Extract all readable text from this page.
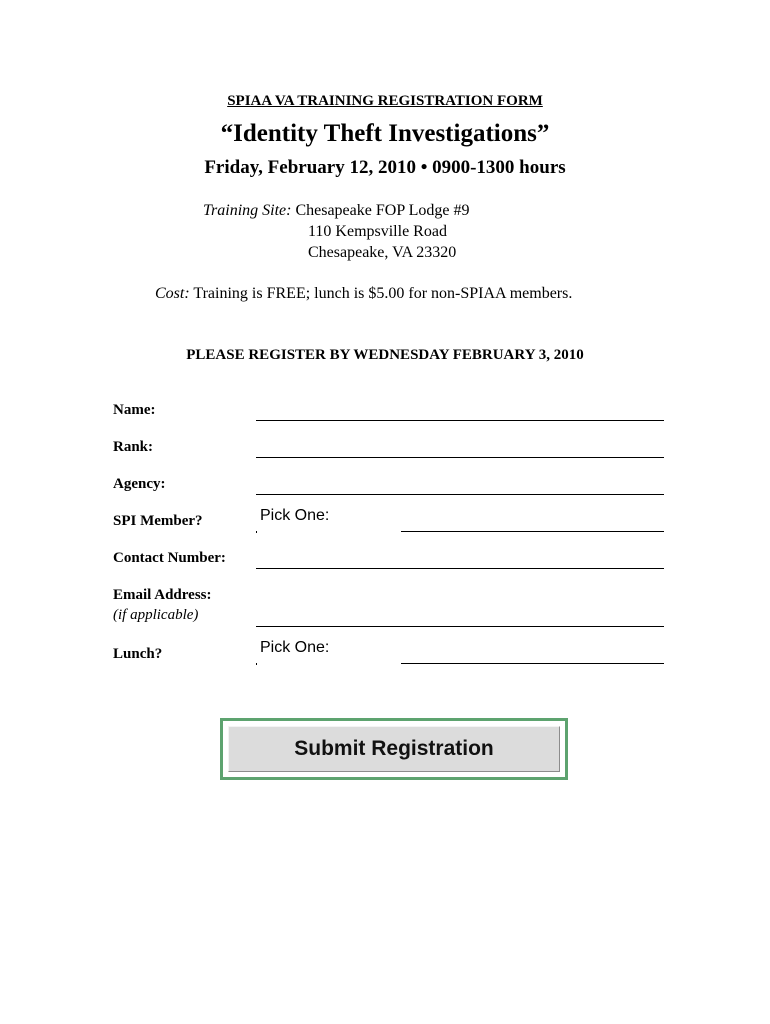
SPIAA VA TRAINING REGISTRATION FORM
“Identity Theft Investigations”
Friday, February 12, 2010 • 0900-1300 hours
Training Site: Chesapeake FOP Lodge #9
110 Kempsville Road
Chesapeake, VA 23320
Cost: Training is FREE; lunch is $5.00 for non-SPIAA members.
PLEASE REGISTER BY WEDNESDAY FEBRUARY 3, 2010
Name:
Rank:
Agency:
SPI Member?	Pick One:
Contact Number:
Email Address:
(if applicable)
Lunch?	Pick One:
Submit Registration
